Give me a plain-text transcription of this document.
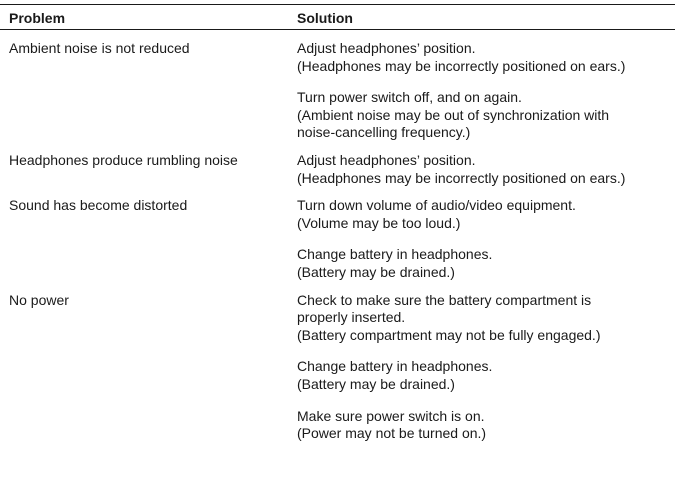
Problem	Solution
Ambient noise is not reduced	Adjust headphones’ position.
(Headphones may be incorrectly positioned on ears.)
Turn power switch off, and on again.
(Ambient noise may be out of synchronization with
noise-cancelling frequency.)
Headphones produce rumbling noise	Adjust headphones’ position.
(Headphones may be incorrectly positioned on ears.)
Sound has become distorted	Turn down volume of audio/video equipment.
(Volume may be too loud.)
Change battery in headphones.
(Battery may be drained.)
No power	Check to make sure the battery compartment is
properly inserted.
(Battery compartment may not be fully engaged.)
Change battery in headphones.
(Battery may be drained.)
Make sure power switch is on.
(Power may not be turned on.)
